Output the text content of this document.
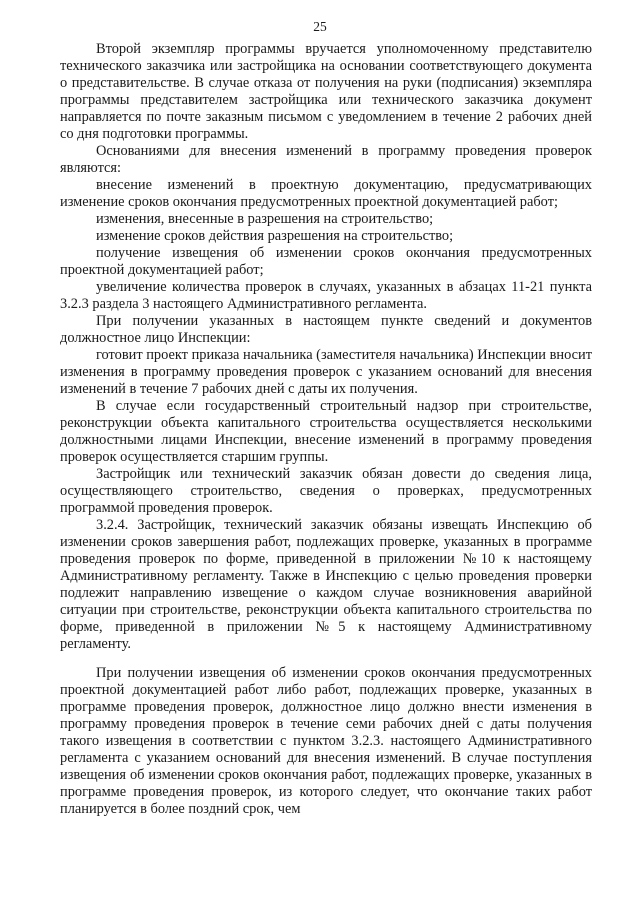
25

Второй экземпляр программы вручается уполномоченному представителю технического заказчика или застройщика на основании соответствующего документа о представительстве. В случае отказа от получения на руки (подписания) экземпляра программы представителем застройщика или технического заказчика документ направляется по почте заказным письмом с уведомлением в течение 2 рабочих дней со дня подготовки программы.

Основаниями для внесения изменений в программу проведения проверок являются:

внесение изменений в проектную документацию, предусматривающих изменение сроков окончания предусмотренных проектной документацией работ;

изменения, внесенные в разрешения на строительство;

изменение сроков действия разрешения на строительство;

получение извещения об изменении сроков окончания предусмотренных проектной документацией работ;

увеличение количества проверок в случаях, указанных в абзацах 11-21 пункта 3.2.3 раздела 3 настоящего Административного регламента.

При получении указанных в настоящем пункте сведений и документов должностное лицо Инспекции:

готовит проект приказа начальника (заместителя начальника) Инспекции вносит изменения в программу проведения проверок с указанием оснований для внесения изменений в течение 7 рабочих дней с даты их получения.

В случае если государственный строительный надзор при строительстве, реконструкции объекта капитального строительства осуществляется несколькими должностными лицами Инспекции, внесение изменений в программу проведения проверок осуществляется старшим группы.

Застройщик или технический заказчик обязан довести до сведения лица, осуществляющего строительство, сведения о проверках, предусмотренных программой проведения проверок.

3.2.4. Застройщик, технический заказчик обязаны извещать Инспекцию об изменении сроков завершения работ, подлежащих проверке, указанных в программе проведения проверок по форме, приведенной в приложении №10 к настоящему Административному регламенту. Также в Инспекцию с целью проведения проверки подлежит направлению извещение о каждом случае возникновения аварийной ситуации при строительстве, реконструкции объекта капитального строительства по форме, приведенной в приложении №5 к настоящему Административному регламенту.

При получении извещения об изменении сроков окончания предусмотренных проектной документацией работ либо работ, подлежащих проверке, указанных в программе проведения проверок, должностное лицо должно внести изменения в программу проведения проверок в течение семи рабочих дней с даты получения такого извещения в соответствии с пунктом 3.2.3. настоящего Административного регламента с указанием оснований для внесения изменений. В случае поступления извещения об изменении сроков окончания работ, подлежащих проверке, указанных в программе проведения проверок, из которого следует, что окончание таких работ планируется в более поздний срок, чем
